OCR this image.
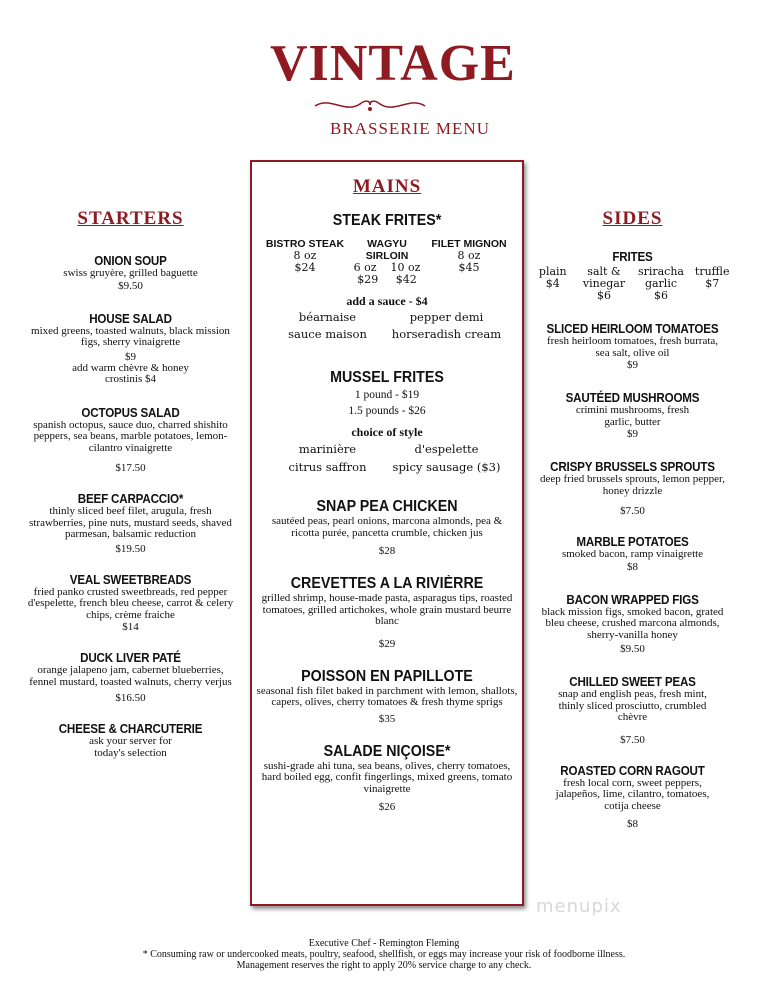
VINTAGE
BRASSERIE MENU
STARTERS
ONION SOUP
swiss gruyère, grilled baguette
$9.50
HOUSE SALAD
mixed greens, toasted walnuts, black mission figs, sherry vinaigrette
$9
add warm chèvre & honey crostinis $4
OCTOPUS SALAD
spanish octopus, sauce duo, charred shishito peppers, sea beans, marble potatoes, lemon-cilantro vinaigrette
$17.50
BEEF CARPACCIO*
thinly sliced beef filet, arugula, fresh strawberries, pine nuts, mustard seeds, shaved parmesan, balsamic reduction
$19.50
VEAL SWEETBREADS
fried panko crusted sweetbreads, red pepper d'espelette, french bleu cheese, carrot & celery chips, crème fraiche
$14
DUCK LIVER PATÉ
orange jalapeno jam, cabernet blueberries, fennel mustard, toasted walnuts, cherry verjus
$16.50
CHEESE & CHARCUTERIE
ask your server for today's selection
MAINS
STEAK FRITES*
BISTRO STEAK
8 oz
$24
WAGYU SIRLOIN
6 oz    10 oz
$29     $42
FILET MIGNON
8 oz
$45
add a sauce - $4
béarnaise	pepper demi
sauce maison	horseradish cream
MUSSEL FRITES
1 pound - $19
1.5 pounds - $26
choice of style
marinière	d'espelette
citrus saffron	spicy sausage ($3)
SNAP PEA CHICKEN
sautéed peas, pearl onions, marcona almonds, pea & ricotta purée, pancetta crumble, chicken jus
$28
CREVETTES A LA RIVIÈRRE
grilled shrimp, house-made pasta, asparagus tips, roasted tomatoes, grilled artichokes, whole grain mustard beurre blanc
$29
POISSON EN PAPILLOTE
seasonal fish filet baked in parchment with lemon, shallots, capers, olives, cherry tomatoes & fresh thyme sprigs
$35
SALADE NIÇOISE*
sushi-grade ahi tuna, sea beans, olives, cherry tomatoes, hard boiled egg, confit fingerlings, mixed greens, tomato vinaigrette
$26
SIDES
FRITES
plain
$4
salt & vinegar
$6
sriracha garlic
$6
truffle
$7
SLICED HEIRLOOM TOMATOES
fresh heirloom tomatoes, fresh burrata, sea salt, olive oil
$9
SAUTÉED MUSHROOMS
crimini mushrooms, fresh garlic, butter
$9
CRISPY BRUSSELS SPROUTS
deep fried brussels sprouts, lemon pepper, honey drizzle
$7.50
MARBLE POTATOES
smoked bacon, ramp vinaigrette
$8
BACON WRAPPED FIGS
black mission figs, smoked bacon, grated bleu cheese, crushed marcona almonds, sherry-vanilla honey
$9.50
CHILLED SWEET PEAS
snap and english peas, fresh mint, thinly sliced prosciutto, crumbled chèvre
$7.50
ROASTED CORN RAGOUT
fresh local corn, sweet peppers, jalapeños, lime, cilantro, tomatoes, cotija cheese
$8
menupix
Executive Chef - Remington Fleming
* Consuming raw or undercooked meats, poultry, seafood, shellfish, or eggs may increase your risk of foodborne illness.
Management reserves the right to apply 20% service charge to any check.
